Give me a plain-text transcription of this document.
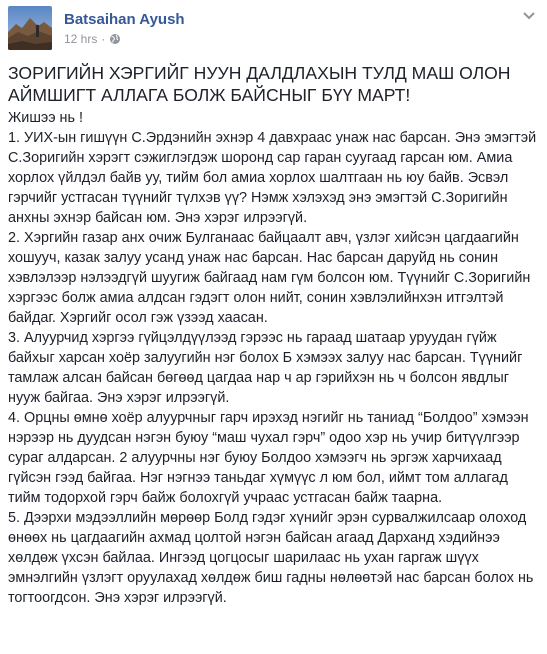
Batsaihan Ayush
12 hrs ·

ЗОРИГИЙН ХЭРГИЙГ НУУН ДАЛДЛАХЫН ТУЛД МАШ ОЛОН АЙМШИГТ АЛЛАГА БОЛЖ БАЙСНЫГ БҮҮ МАРТ!

Жишээ нь !

1. УИХ-ын гишүүн С.Эрдэнийн эхнэр 4 давхраас унаж нас барсан. Энэ эмэгтэй С.Зоригийн хэрэгт сэжиглэгдэж шоронд сар гаран суугаад гарсан юм. Амиа хорлох үйлдэл байв уу, тийм бол амиа хорлох шалтгаан нь юу байв. Эсвэл гэрчийг устгасан түүнийг түлхэв үү? Нэмж хэлэхэд энэ эмэгтэй С.Зоригийн анхны эхнэр байсан юм. Энэ хэрэг илрээгүй.

2. Хэргийн газар анх очиж Булганаас байцаалт авч, үзлэг хийсэн цагдаагийн хошууч, казак залуу усанд унаж нас барсан. Нас барсан даруйд нь сонин хэвлэлээр нэлээдгүй шуугиж байгаад нам гүм болсон юм. Түүнийг С.Зоригийн хэргээс болж амиа алдсан гэдэгт олон нийт, сонин хэвлэлийнхэн итгэлтэй байдаг. Хэргийг осол гэж үзээд хаасан.

3. Алуурчид хэргээ гүйцэлдүүлээд гэрээс нь гараад шатаар уруудан гүйж байхыг харсан хоёр залуугийн нэг болох Б хэмээх залуу нас барсан. Түүнийг тамлаж алсан байсан бөгөөд цагдаа нар ч ар гэрийхэн нь ч болсон явдлыг нууж байгаа. Энэ хэрэг илрээгүй.

4. Орцны өмнө хоёр алуурчныг гарч ирэхэд нэгийг нь таниад “Болдоо” хэмээн нэрээр нь дуудсан нэгэн буюу “маш чухал гэрч” одоо хэр нь учир битүүлгээр сураг алдарсан. 2 алуурчны нэг буюу Болдоо хэмээгч нь эргэж харчихаад гүйсэн гээд байгаа. Нэг нэгнээ таньдаг хүмүүс л юм бол, иймт том аллагад тийм тодорхой гэрч байж болохгүй учраас устгасан байж таарна.

5. Дээрхи мэдээллийн мөрөөр Болд гэдэг хүнийг эрэн сурвалжилсаар олоход өнөөх нь цагдаагийн ахмад цолтой нэгэн байсан агаад Дарханд хэдийнээ хөлдөж үхсэн байлаа. Ингээд цогцосыг шарилаас нь ухан гаргаж шүүх эмнэлгийн үзлэгт оруулахад хөлдөж биш гадны нөлөөтэй нас барсан болох нь тогтоогдсон. Энэ хэрэг илрээгүй.
